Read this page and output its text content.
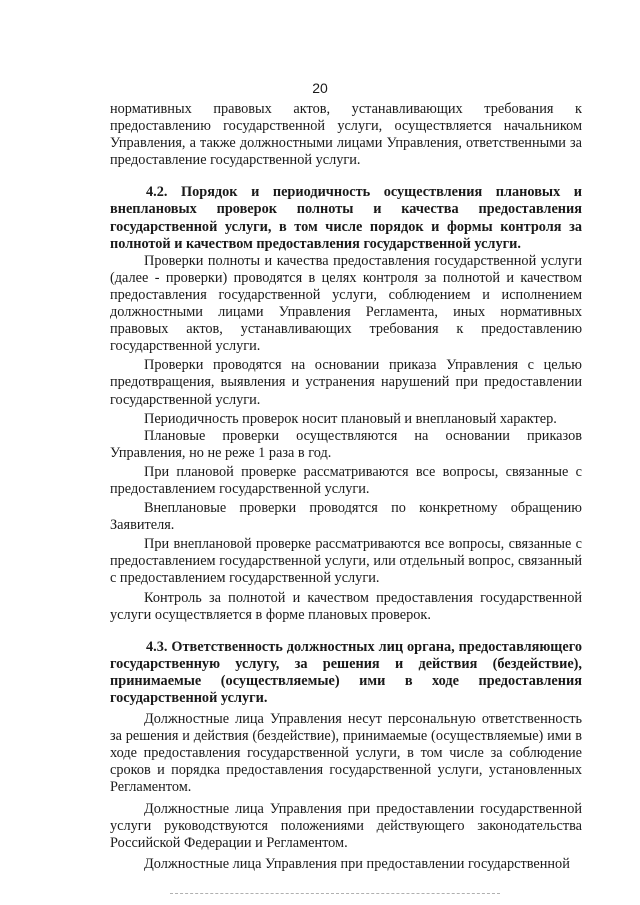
20

нормативных правовых актов, устанавливающих требования к предоставлению государственной услуги, осуществляется начальником Управления, а также должностными лицами Управления, ответственными за предоставление государственной услуги.

4.2. Порядок и периодичность осуществления плановых и внеплановых проверок полноты и качества предоставления государственной услуги, в том числе порядок и формы контроля за полнотой и качеством предоставления государственной услуги.

Проверки полноты и качества предоставления государственной услуги (далее - проверки) проводятся в целях контроля за полнотой и качеством предоставления государственной услуги, соблюдением и исполнением должностными лицами Управления Регламента, иных нормативных правовых актов, устанавливающих требования к предоставлению государственной услуги.

Проверки проводятся на основании приказа Управления с целью предотвращения, выявления и устранения нарушений при предоставлении государственной услуги.

Периодичность проверок носит плановый и внеплановый характер.

Плановые проверки осуществляются на основании приказов Управления, но не реже 1 раза в год.

При плановой проверке рассматриваются все вопросы, связанные с предоставлением государственной услуги.

Внеплановые проверки проводятся по конкретному обращению Заявителя.

При внеплановой проверке рассматриваются все вопросы, связанные с предоставлением государственной услуги, или отдельный вопрос, связанный с предоставлением государственной услуги.

Контроль за полнотой и качеством предоставления государственной услуги осуществляется в форме плановых проверок.

4.3. Ответственность должностных лиц органа, предоставляющего государственную услугу, за решения и действия (бездействие), принимаемые (осуществляемые) ими в ходе предоставления государственной услуги.

Должностные лица Управления несут персональную ответственность за решения и действия (бездействие), принимаемые (осуществляемые) ими в ходе предоставления государственной услуги, в том числе за соблюдение сроков и порядка предоставления государственной услуги, установленных Регламентом.

Должностные лица Управления при предоставлении государственной услуги руководствуются положениями действующего законодательства Российской Федерации и Регламентом.

Должностные лица Управления при предоставлении государственной
